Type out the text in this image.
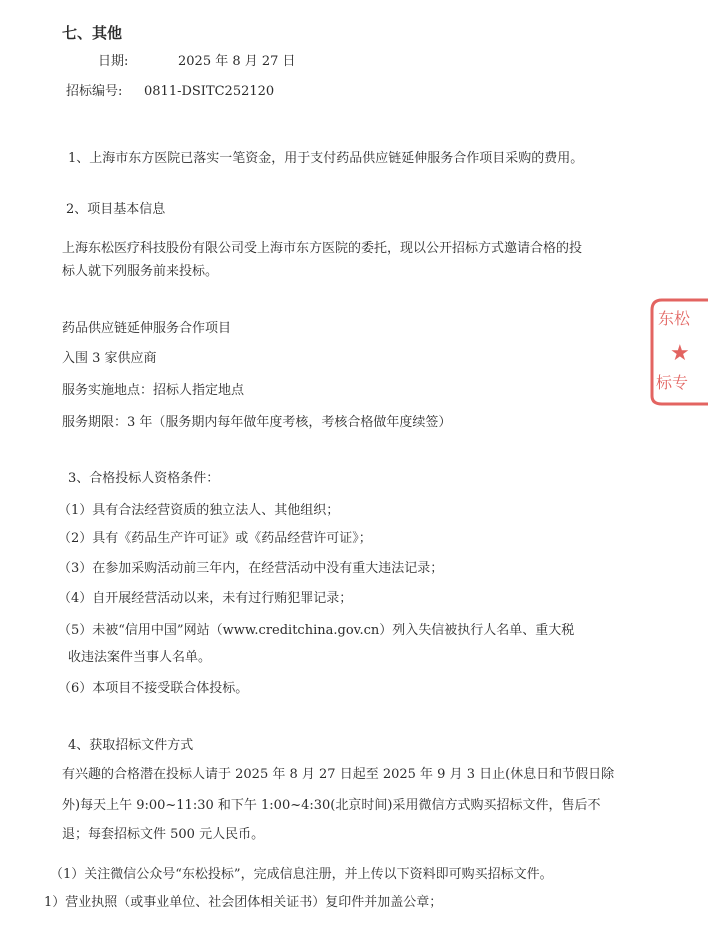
七、其他
日期:	2025 年 8 月 27 日
招标编号: 0811-DSITC252120
1、上海市东方医院已落实一笔资金，用于支付药品供应链延伸服务合作项目采购的费用。
2、项目基本信息
上海东松医疗科技股份有限公司受上海市东方医院的委托，现以公开招标方式邀请合格的投
标人就下列服务前来投标。
药品供应链延伸服务合作项目
入围 3 家供应商
服务实施地点：招标人指定地点
服务期限：3 年（服务期内每年做年度考核，考核合格做年度续签）
3、合格投标人资格条件：
（1）具有合法经营资质的独立法人、其他组织；
（2）具有《药品生产许可证》或《药品经营许可证》；
（3）在参加采购活动前三年内，在经营活动中没有重大违法记录；
（4）自开展经营活动以来，未有过行贿犯罪记录；
（5）未被“信用中国”网站（www.creditchina.gov.cn）列入失信被执行人名单、重大税
收违法案件当事人名单。
（6）本项目不接受联合体投标。
4、获取招标文件方式
有兴趣的合格潜在投标人请于 2025 年 8 月 27 日起至 2025 年 9 月 3 日止(休息日和节假日除
外)每天上午 9:00~11:30 和下午 1:00~4:30(北京时间)采用微信方式购买招标文件，售后不
退；每套招标文件 500 元人民币。
（1）关注微信公众号“东松投标”，完成信息注册，并上传以下资料即可购买招标文件。
1）营业执照（或事业单位、社会团体相关证书）复印件并加盖公章；
东松
★
标专
